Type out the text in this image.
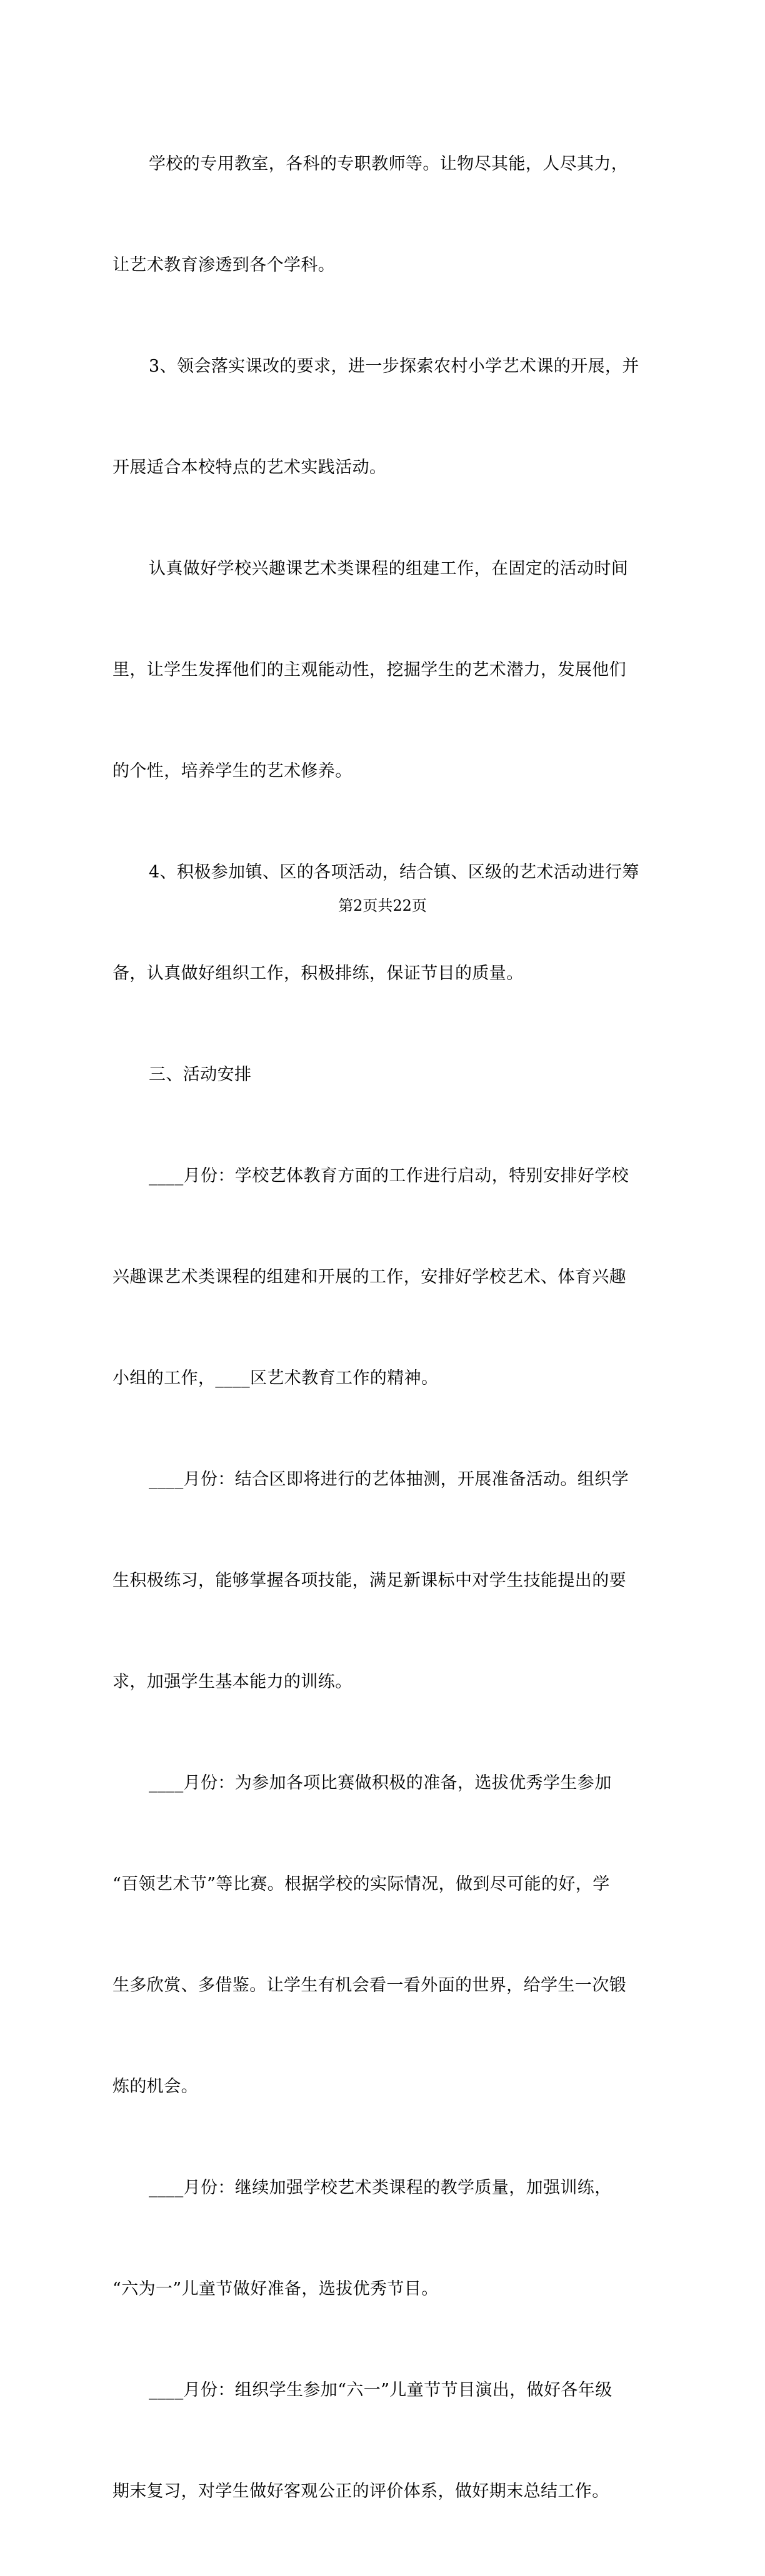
学校的专用教室，各科的专职教师等。让物尽其能，人尽其力，

让艺术教育渗透到各个学科。

3、领会落实课改的要求，进一步探索农村小学艺术课的开展，并

开展适合本校特点的艺术实践活动。

认真做好学校兴趣课艺术类课程的组建工作，在固定的活动时间

里，让学生发挥他们的主观能动性，挖掘学生的艺术潜力，发展他们

的个性，培养学生的艺术修养。

4、积极参加镇、区的各项活动，结合镇、区级的艺术活动进行筹

备，认真做好组织工作，积极排练，保证节目的质量。

三、活动安排

____月份：学校艺体教育方面的工作进行启动，特别安排好学校

兴趣课艺术类课程的组建和开展的工作，安排好学校艺术、体育兴趣

小组的工作，____区艺术教育工作的精神。

____月份：结合区即将进行的艺体抽测，开展准备活动。组织学

生积极练习，能够掌握各项技能，满足新课标中对学生技能提出的要

求，加强学生基本能力的训练。

____月份：为参加各项比赛做积极的准备，选拔优秀学生参加

“百领艺术节”等比赛。根据学校的实际情况，做到尽可能的好，学

生多欣赏、多借鉴。让学生有机会看一看外面的世界，给学生一次锻

炼的机会。

____月份：继续加强学校艺术类课程的教学质量，加强训练，

“六为一”儿童节做好准备，选拔优秀节目。

____月份：组织学生参加“六一”儿童节节目演出，做好各年级

期末复习，对学生做好客观公正的评价体系，做好期末总结工作。

第2页共22页
